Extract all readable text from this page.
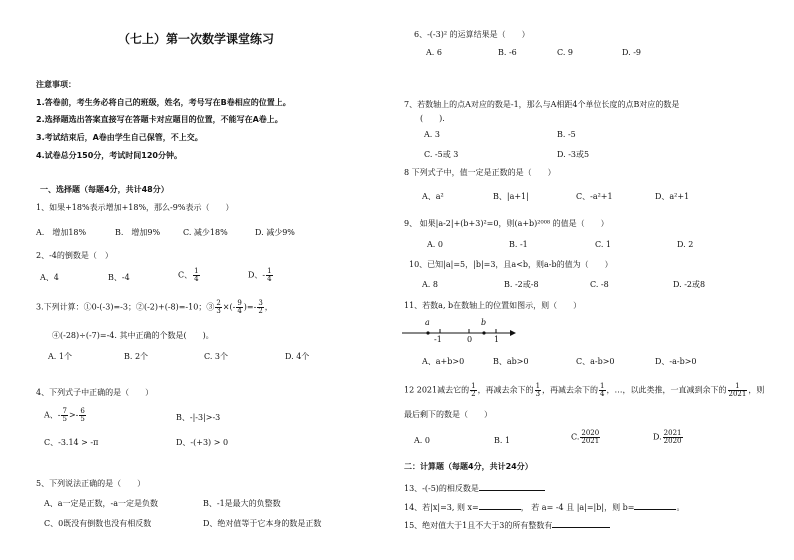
（七上）第一次数学课堂练习
注意事项：
1.答卷前，考生务必将自己的班级，姓名，考号写在B卷相应的位置上。
2.选择题选出答案直接写在答题卡对应题目的位置，不能写在A卷上。
3.考试结束后，A卷由学生自己保管，不上交。
4.试卷总分150分，考试时间120分钟。
一、选择题（每题4分，共计48分）
1、如果+18%表示增加+18%，那么-9%表示（　　）
A.　增加18%	B.　增加9%	C. 减少18%	D. 减少9%
2、-4的倒数是（　）
A、4	B、-4	C、 $\frac{1}{4}$	D、- $\frac{1}{4}$
3.下列计算：①0-(-3)=-3；②(-2)+(-8)=-10；③ $\frac{2}{3}$ ×(- $\frac{9}{4}$ )=- $\frac{3}{2}$ ，
④(-28)÷(-7)=-4. 其中正确的个数是(　　)。
A. 1个	B. 2个	C. 3个	D. 4个
4、下列式子中正确的是（　　）
A、- $\frac{7}{5} >- \frac{6}{5}$	B、-|-3|>-3
C、-3.14 > -π	D、-(+3) > 0
5、下列说法正确的是（　　）
A、a一定是正数，-a一定是负数	B、-1是最大的负整数
C、0既没有倒数也没有相反数	D、绝对值等于它本身的数是正数
6、-(-3)² 的运算结果是（　　）
A. 6	B. -6	C. 9	D. -9
7、若数轴上的点A对应的数是-1，那么与A相距4个单位长度的点B对应的数是
(　　).
A. 3	B. -5
C. -5或 3	D. -3或5
8 下列式子中，值一定是正数的是（　　）
A、a²	B、|a+1|	C、-a²+1	D、a²+1
9、 如果|a-2|+(b+3)²=0，则(a+b)²⁰⁰⁸ 的值是（　　）
A. 0	B. -1	C. 1	D. 2
10、已知|a|=5，|b|=3，且a<b，则a-b的值为（　　）
A. 8	B. -2或-8	C. -8	D. -2或8
11、若数a, b在数轴上的位置如图示，则（　　）
a	b
-1	0	1
A、a+b>0	B、ab>0	C、a-b>0	D、-a-b>0
12 2021减去它的 $\frac{1}{2}$ ，再减去余下的 $\frac{1}{3}$ ，再减去余下的 $\frac{1}{4}$ ，…，以此类推，一直减到余下的 $\frac{1}{2021}$ ，则
最后剩下的数是（　　）
A. 0	B. 1	C. $\frac{2020}{2021}$	D. $\frac{2021}{2020}$
二：计算题（每题4分，共计24分）
13、-(-5)的相反数是
14、若|x|=3, 则 x=	， 若 a= -4 且 |a|=|b|，则 b=	。
15、绝对值大于1且不大于3的所有整数有
